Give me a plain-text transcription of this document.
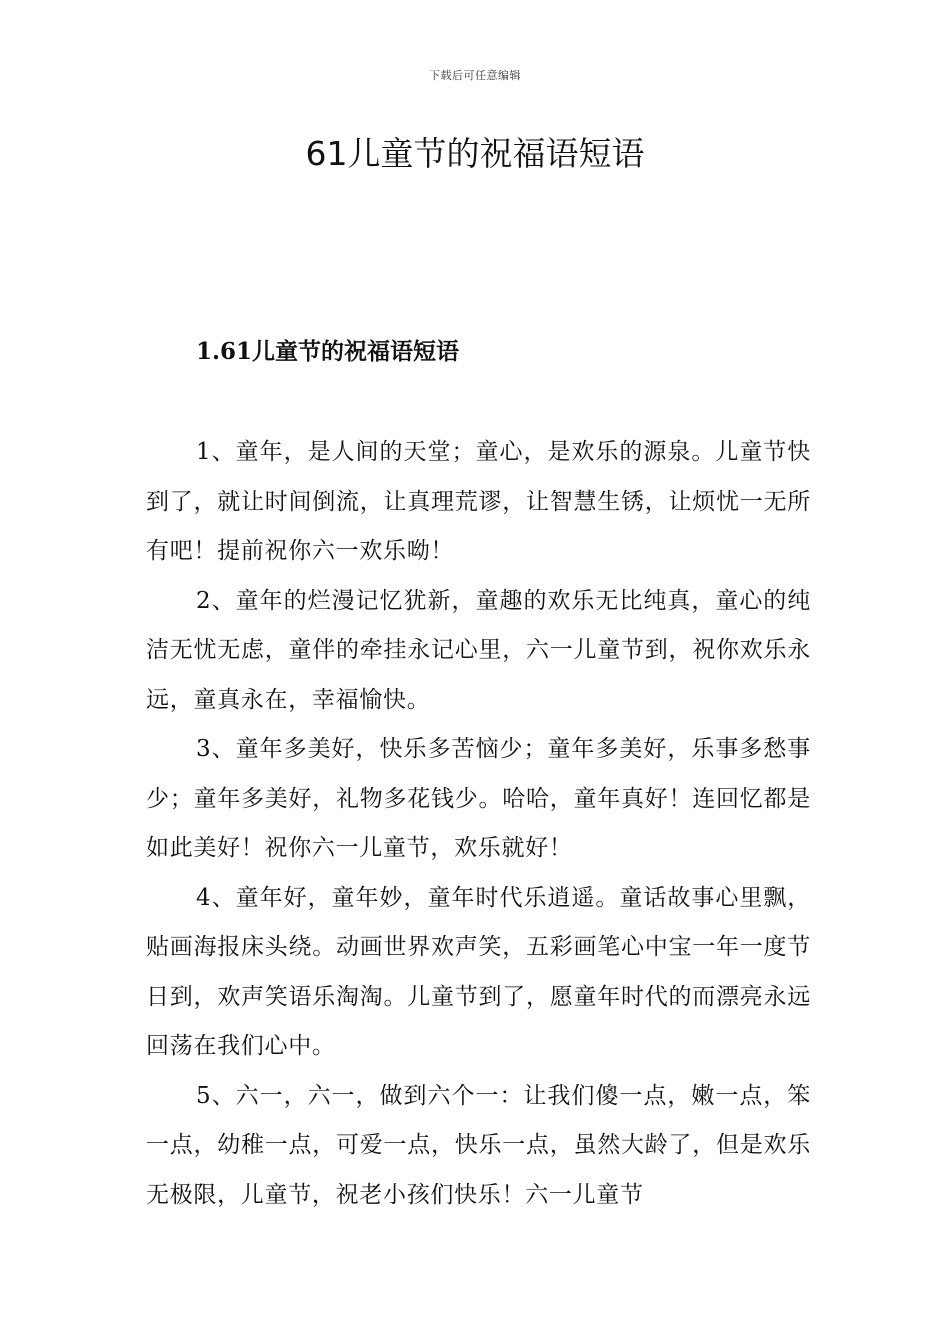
下载后可任意编辑
61儿童节的祝福语短语
1.61儿童节的祝福语短语

1、童年，是人间的天堂；童心，是欢乐的源泉。儿童节快到了，就让时间倒流，让真理荒谬，让智慧生锈，让烦忧一无所有吧！提前祝你六一欢乐呦！

2、童年的烂漫记忆犹新，童趣的欢乐无比纯真，童心的纯洁无忧无虑，童伴的牵挂永记心里，六一儿童节到，祝你欢乐永远，童真永在，幸福愉快。

3、童年多美好，快乐多苦恼少；童年多美好，乐事多愁事少；童年多美好，礼物多花钱少。哈哈，童年真好！连回忆都是如此美好！祝你六一儿童节，欢乐就好！

4、童年好，童年妙，童年时代乐逍遥。童话故事心里飘，贴画海报床头绕。动画世界欢声笑，五彩画笔心中宝一年一度节日到，欢声笑语乐淘淘。儿童节到了，愿童年时代的而漂亮永远回荡在我们心中。

5、六一，六一，做到六个一：让我们傻一点，嫩一点，笨一点，幼稚一点，可爱一点，快乐一点，虽然大龄了，但是欢乐无极限，儿童节，祝老小孩们快乐！六一儿童节
